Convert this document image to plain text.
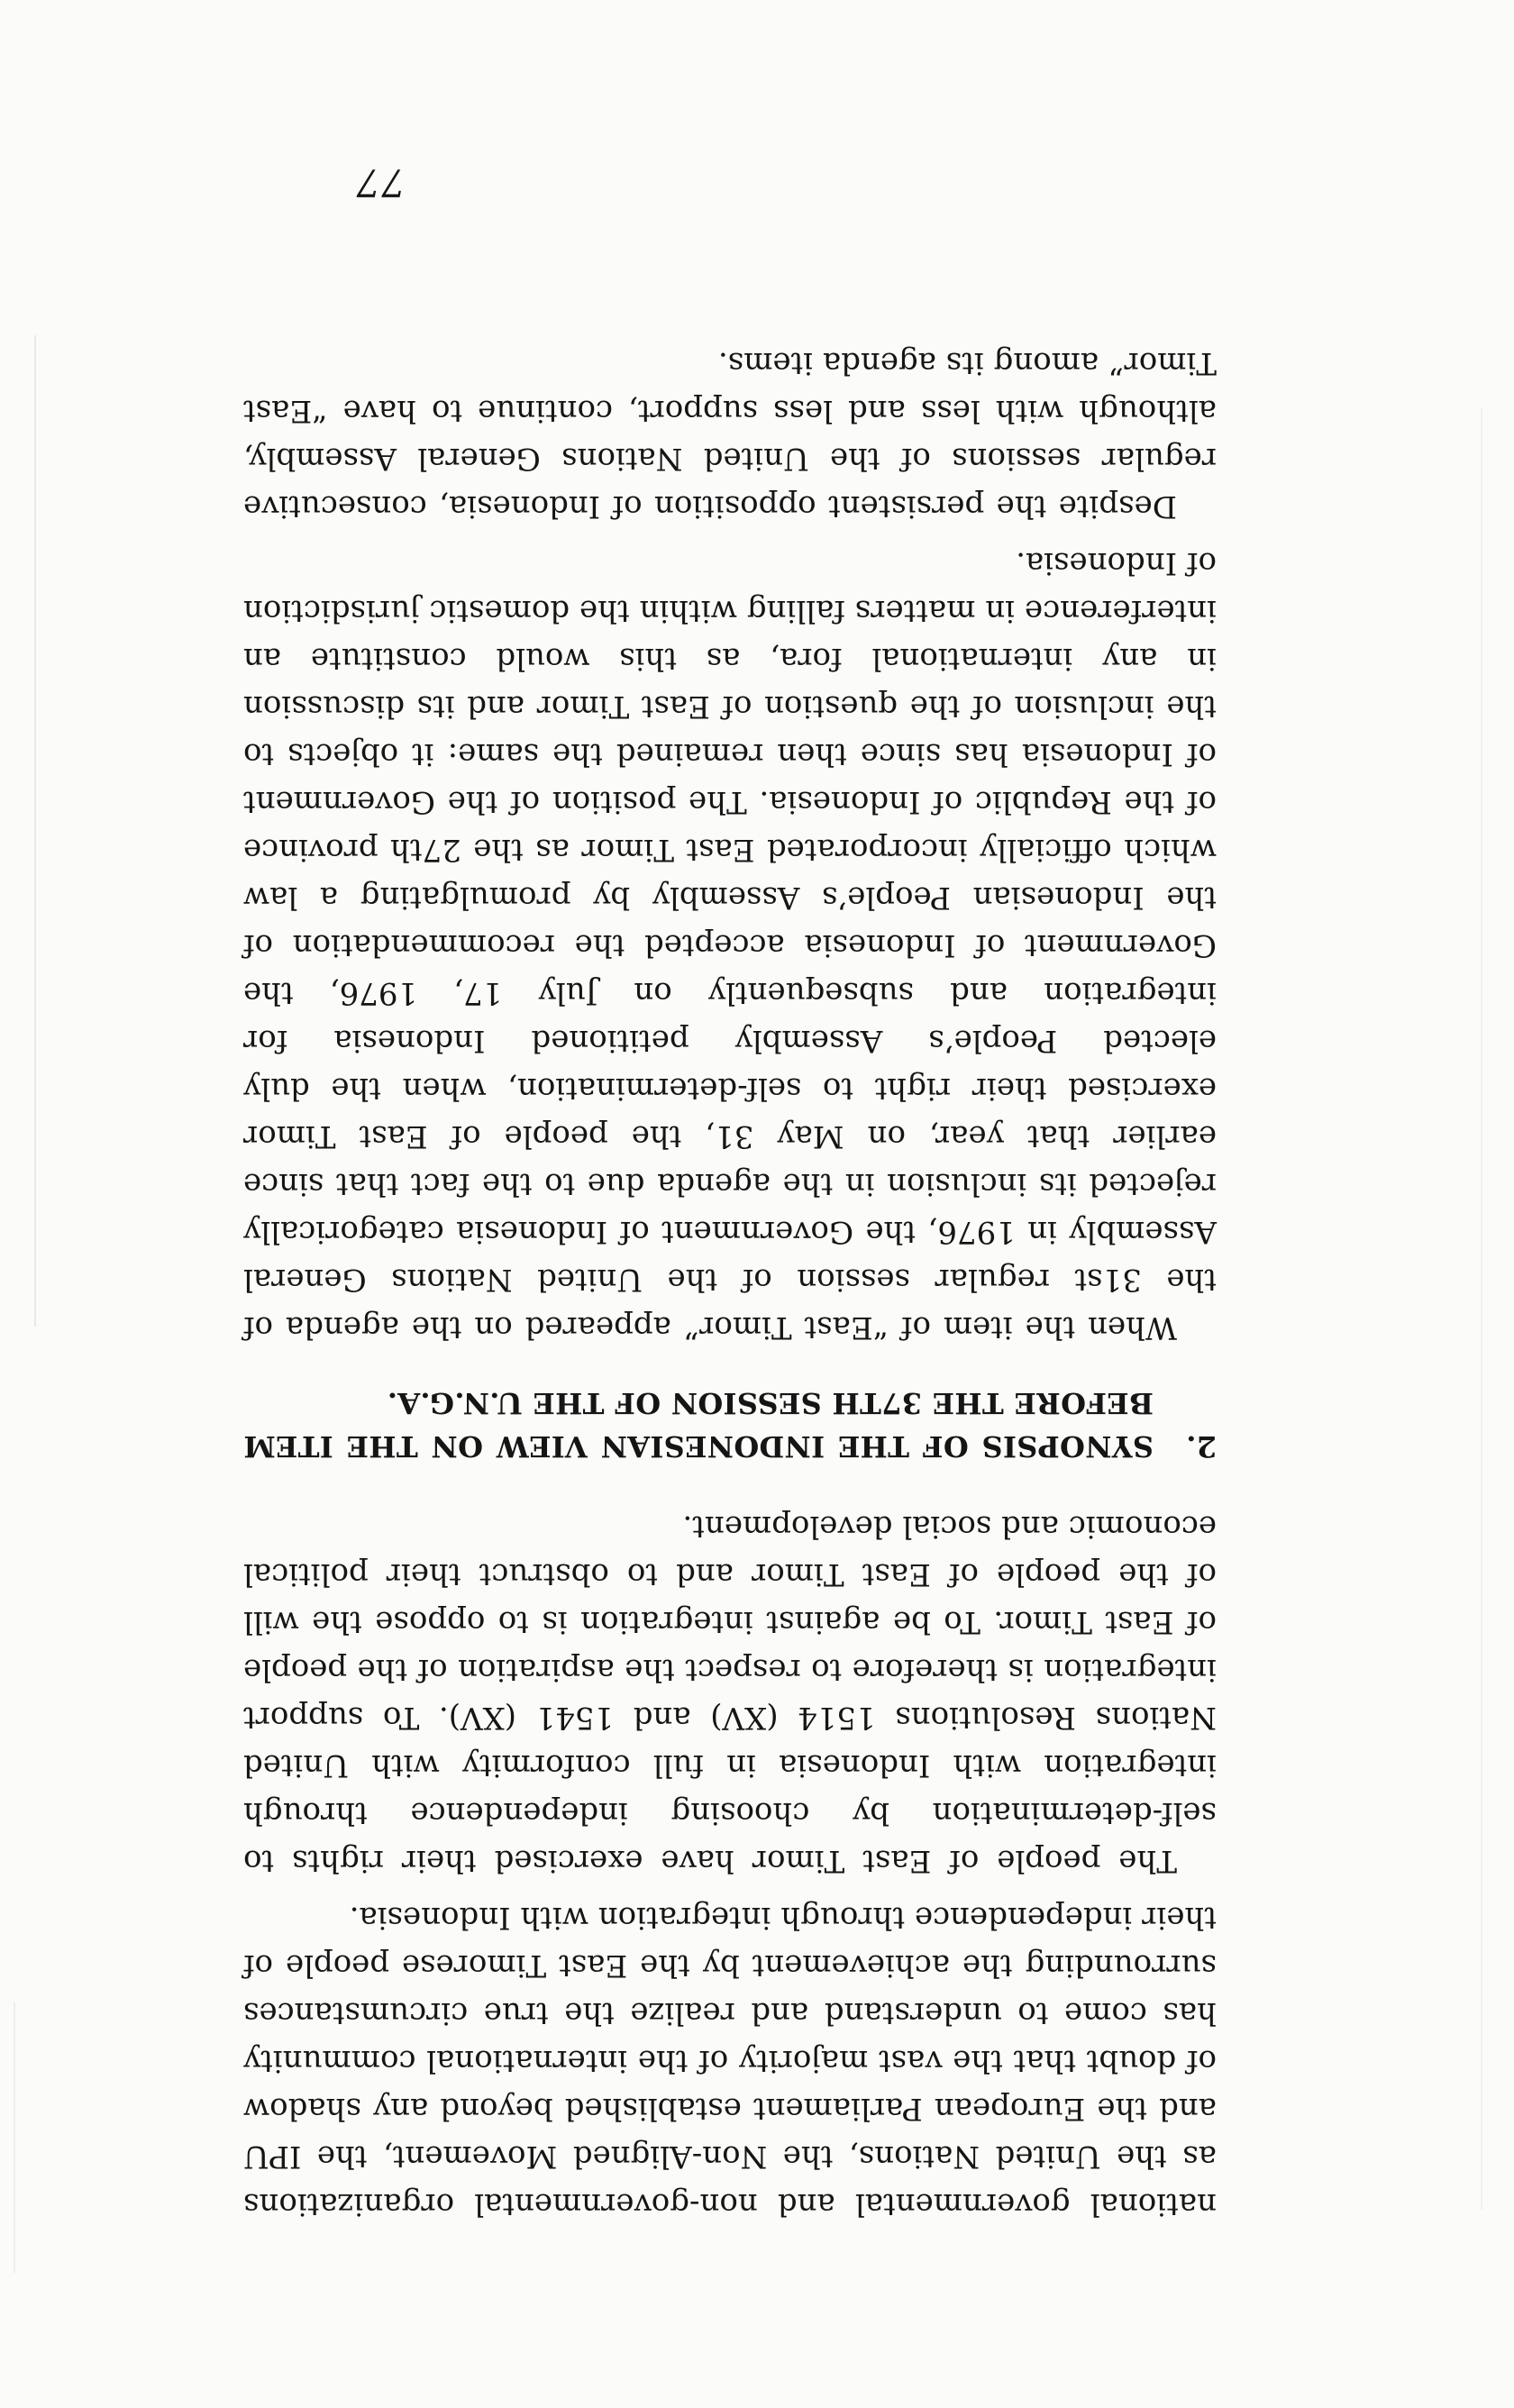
national governmental and non-governmental organizations as the United Nations, the Non-Aligned Movement, the IPU and the European Parliament established beyond any shadow of doubt that the vast majority of the international community has come to understand and realize the true circumstances surrounding the achievement by the East Timorese people of their independence through integration with Indonesia.

The people of East Timor have exercised their rights to self-determination by choosing independence through integration with Indonesia in full conformity with United Nations Resolutions 1514 (XV) and 1541 (XV). To support integration is therefore to respect the aspiration of the people of East Timor. To be against integration is to oppose the will of the people of East Timor and to obstruct their political economic and social development.

2.
SYNOPSIS OF THE INDONESIAN VIEW ON THE ITEM
BEFORE THE 37TH SESSION OF THE U.N.G.A.

When the item of “East Timor” appeared on the agenda of the 31st regular session of the United Nations General Assembly in 1976, the Government of Indonesia categorically rejected its inclusion in the agenda due to the fact that since earlier that year, on May 31, the people of East Timor exercised their right to self-determination, when the duly elected People’s Assembly petitioned Indonesia for integration and subsequently on July 17, 1976, the Government of Indonesia accepted the recommendation of the Indonesian People’s Assembly by promulgating a law which officially incorporated East Timor as the 27th province of the Republic of Indonesia. The position of the Government of Indonesia has since then remained the same: it objects to the inclusion of the question of East Timor and its discussion in any international fora, as this would constitute an interference in matters falling within the domestic jurisdiction of Indonesia.

Despite the persistent opposition of Indonesia, consecutive regular sessions of the United Nations General Assembly, although with less and less support, continue to have “East Timor” among its agenda items.

77
